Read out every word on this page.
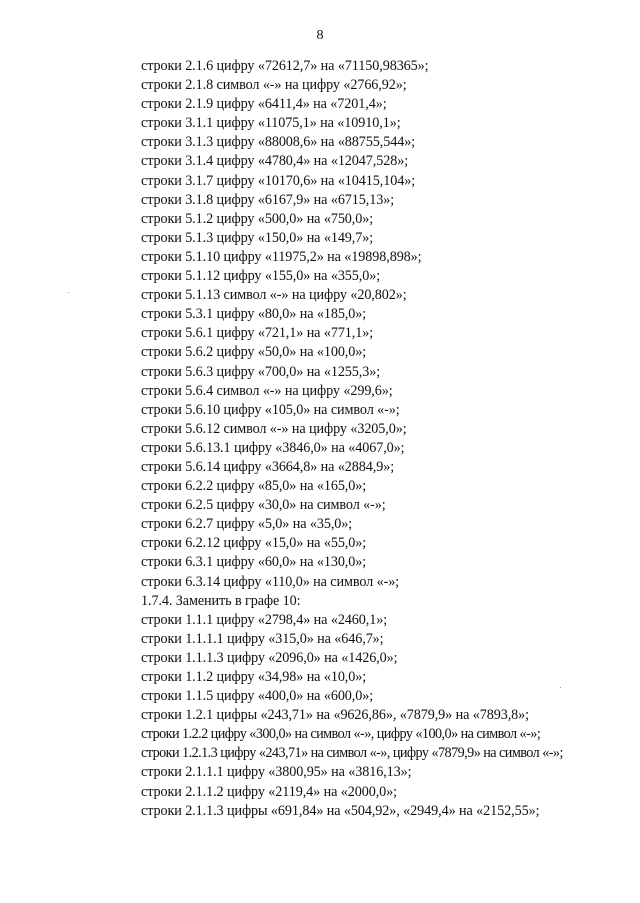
8
строки 2.1.6 цифру «72612,7» на «71150,98365»;
строки 2.1.8 символ «-» на цифру «2766,92»;
строки 2.1.9 цифру «6411,4» на «7201,4»;
строки 3.1.1 цифру «11075,1» на «10910,1»;
строки 3.1.3 цифру «88008,6» на «88755,544»;
строки 3.1.4 цифру «4780,4» на «12047,528»;
строки 3.1.7 цифру «10170,6» на «10415,104»;
строки 3.1.8 цифру «6167,9» на «6715,13»;
строки 5.1.2 цифру «500,0» на «750,0»;
строки 5.1.3 цифру «150,0» на «149,7»;
строки 5.1.10 цифру «11975,2» на «19898,898»;
строки 5.1.12 цифру «155,0» на «355,0»;
строки 5.1.13 символ «-» на цифру «20,802»;
строки 5.3.1 цифру «80,0» на «185,0»;
строки 5.6.1 цифру «721,1» на «771,1»;
строки 5.6.2 цифру «50,0» на «100,0»;
строки 5.6.3 цифру «700,0» на «1255,3»;
строки 5.6.4 символ «-» на цифру «299,6»;
строки 5.6.10 цифру «105,0» на символ «-»;
строки 5.6.12 символ «-» на цифру «3205,0»;
строки 5.6.13.1 цифру «3846,0» на «4067,0»;
строки 5.6.14 цифру «3664,8» на «2884,9»;
строки 6.2.2 цифру «85,0» на «165,0»;
строки 6.2.5 цифру «30,0» на символ «-»;
строки 6.2.7 цифру «5,0» на «35,0»;
строки 6.2.12 цифру «15,0» на «55,0»;
строки 6.3.1 цифру «60,0» на «130,0»;
строки 6.3.14 цифру «110,0» на символ «-»;
1.7.4. Заменить в графе 10:
строки 1.1.1 цифру «2798,4» на «2460,1»;
строки 1.1.1.1 цифру «315,0» на «646,7»;
строки 1.1.1.3 цифру «2096,0» на «1426,0»;
строки 1.1.2 цифру «34,98» на «10,0»;
строки 1.1.5 цифру «400,0» на «600,0»;
строки 1.2.1 цифры «243,71» на «9626,86», «7879,9» на «7893,8»;
строки 1.2.2 цифру «300,0» на символ «-», цифру «100,0» на символ «-»;
строки 1.2.1.3 цифру «243,71» на символ «-», цифру «7879,9» на символ «-»;
строки 2.1.1.1 цифру «3800,95» на «3816,13»;
строки 2.1.1.2 цифру «2119,4» на «2000,0»;
строки 2.1.1.3 цифры «691,84» на «504,92», «2949,4» на «2152,55»;
